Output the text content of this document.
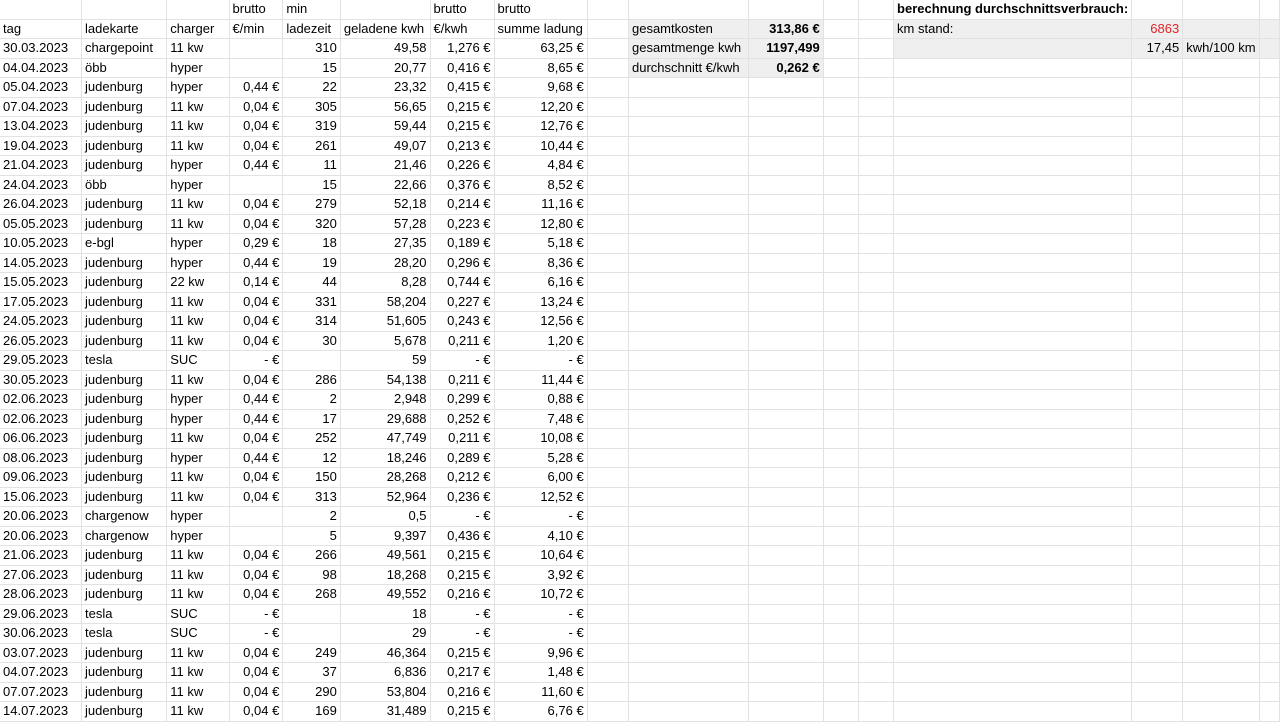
			brutto	min		brutto	brutto						berechnung durchschnittsverbrauch:			
tag	ladekarte	charger	€/min	ladezeit	geladene kwh	€/kwh	summe ladung		gesamtkosten	313,86 €			km stand:	6863		
30.03.2023	chargepoint	11 kw		310	49,58	1,276 €	63,25 €		gesamtmenge kwh	1197,499				17,45	kwh/100 km	
04.04.2023	öbb	hyper		15	20,77	0,416 €	8,65 €		durchschnitt €/kwh	0,262 €						
05.04.2023	judenburg	hyper	0,44 €	22	23,32	0,415 €	9,68 €									
07.04.2023	judenburg	11 kw	0,04 €	305	56,65	0,215 €	12,20 €									
13.04.2023	judenburg	11 kw	0,04 €	319	59,44	0,215 €	12,76 €									
19.04.2023	judenburg	11 kw	0,04 €	261	49,07	0,213 €	10,44 €									
21.04.2023	judenburg	hyper	0,44 €	11	21,46	0,226 €	4,84 €									
24.04.2023	öbb	hyper		15	22,66	0,376 €	8,52 €									
26.04.2023	judenburg	11 kw	0,04 €	279	52,18	0,214 €	11,16 €									
05.05.2023	judenburg	11 kw	0,04 €	320	57,28	0,223 €	12,80 €									
10.05.2023	e-bgl	hyper	0,29 €	18	27,35	0,189 €	5,18 €									
14.05.2023	judenburg	hyper	0,44 €	19	28,20	0,296 €	8,36 €									
15.05.2023	judenburg	22 kw	0,14 €	44	8,28	0,744 €	6,16 €									
17.05.2023	judenburg	11 kw	0,04 €	331	58,204	0,227 €	13,24 €									
24.05.2023	judenburg	11 kw	0,04 €	314	51,605	0,243 €	12,56 €									
26.05.2023	judenburg	11 kw	0,04 €	30	5,678	0,211 €	1,20 €									
29.05.2023	tesla	SUC	- €		59	- €	- €									
30.05.2023	judenburg	11 kw	0,04 €	286	54,138	0,211 €	11,44 €									
02.06.2023	judenburg	hyper	0,44 €	2	2,948	0,299 €	0,88 €									
02.06.2023	judenburg	hyper	0,44 €	17	29,688	0,252 €	7,48 €									
06.06.2023	judenburg	11 kw	0,04 €	252	47,749	0,211 €	10,08 €									
08.06.2023	judenburg	hyper	0,44 €	12	18,246	0,289 €	5,28 €									
09.06.2023	judenburg	11 kw	0,04 €	150	28,268	0,212 €	6,00 €									
15.06.2023	judenburg	11 kw	0,04 €	313	52,964	0,236 €	12,52 €									
20.06.2023	chargenow	hyper		2	0,5	- €	- €									
20.06.2023	chargenow	hyper		5	9,397	0,436 €	4,10 €									
21.06.2023	judenburg	11 kw	0,04 €	266	49,561	0,215 €	10,64 €									
27.06.2023	judenburg	11 kw	0,04 €	98	18,268	0,215 €	3,92 €									
28.06.2023	judenburg	11 kw	0,04 €	268	49,552	0,216 €	10,72 €									
29.06.2023	tesla	SUC	- €		18	- €	- €									
30.06.2023	tesla	SUC	- €		29	- €	- €									
03.07.2023	judenburg	11 kw	0,04 €	249	46,364	0,215 €	9,96 €									
04.07.2023	judenburg	11 kw	0,04 €	37	6,836	0,217 €	1,48 €									
07.07.2023	judenburg	11 kw	0,04 €	290	53,804	0,216 €	11,60 €									
14.07.2023	judenburg	11 kw	0,04 €	169	31,489	0,215 €	6,76 €									
